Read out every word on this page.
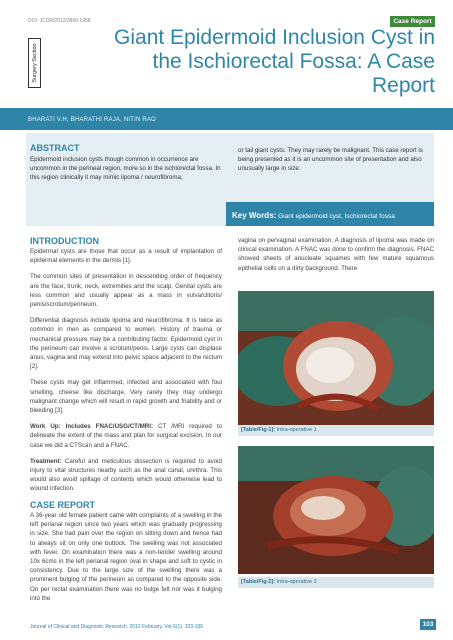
DOI: JCDR/2012/3860:1958	Case Report
Surgery Section
Giant Epidermoid Inclusion Cyst in the Ischiorectal Fossa: A Case Report
BHARATI V.H, BHARATHI RAJA, NITIN RAO
ABSTRACT
Epidermoid inclusion cysts though common in occurrence are uncommon in the perineal region, more so in the ischiorectal fossa. In this region clinically it may mimic lipoma / neurofibroma,
or tail giant cysts. They may rarely be malignant. This case report is being presented as it is an uncommon site of presentation and also unusually large in size.
Key Words: Giant epidermoid cyst, Ischiorectal fossa
INTRODUCTION

Epidermal cysts are those that occur as a result of implantation of epidermal elements in the dermis [1].

The common sites of presentation in descending order of frequency are the face, trunk, neck, extremities and the scalp. Genital cysts are less common and usually appear as a mass in vulva/clitoris/ penis/scrotum/perineum.

Differential diagnosis include lipoma and neurofibroma. It is twice as common in men as compared to women. History of trauma or mechanical pressure may be a contributing factor. Epidermoid cyst in the perineum can involve a scrotum/penis. Large cysts can displace anus, vagina and may extend into pelvic space adjacent to the rectum [2].

These cysts may get inflammed, infected and associated with foul smelling, cheese like discharge. Very rarely they may undergo malignant change which will result in rapid growth and friability and or bleeding [3].

Work Up: Includes FNAC/USG/CT/MRI: CT /MRI required to delineate the extent of the mass and plan for surgical excision. In our case we did a CTScan and a FNAC.

Treatment: Careful and meticulous dissection is required to avoid injury to vital structures nearby such as the anal canal, urethra. This would also avoid spillage of contents which would otherwise lead to wound infection.

vagina on pervaginal examination. A diagnosis of lipoma was made on clinical examination. A FNAC was done to confirm the diagnosis. FNAC showed sheets of anucleate squames with few mature squamous epithelial cells on a dirty background. There
[Table/Fig-1]: Intra-operative 1
[Table/Fig-2]: Intra-operative 2
CASE REPORT
A 36-year old female patient came with complaints of a swelling in the left perianal region since two years which was gradually progressing in size. She had pain over the region on sitting down and hence had to always sit on only one buttock. The swelling was not associated with fever. On examination there was a non-tender swelling around 10x 6cms in the left perianal region oval in shape and soft to cystic in consistency. Due to the large size of the swelling there was a prominent bulging of the perineum as compared to the opposite side. On per rectal examination there was no bulge felt nor was it bulging into the
Journal of Clinical and Diagnostic Research. 2012 February, Vol-6(1): 103-105	103
